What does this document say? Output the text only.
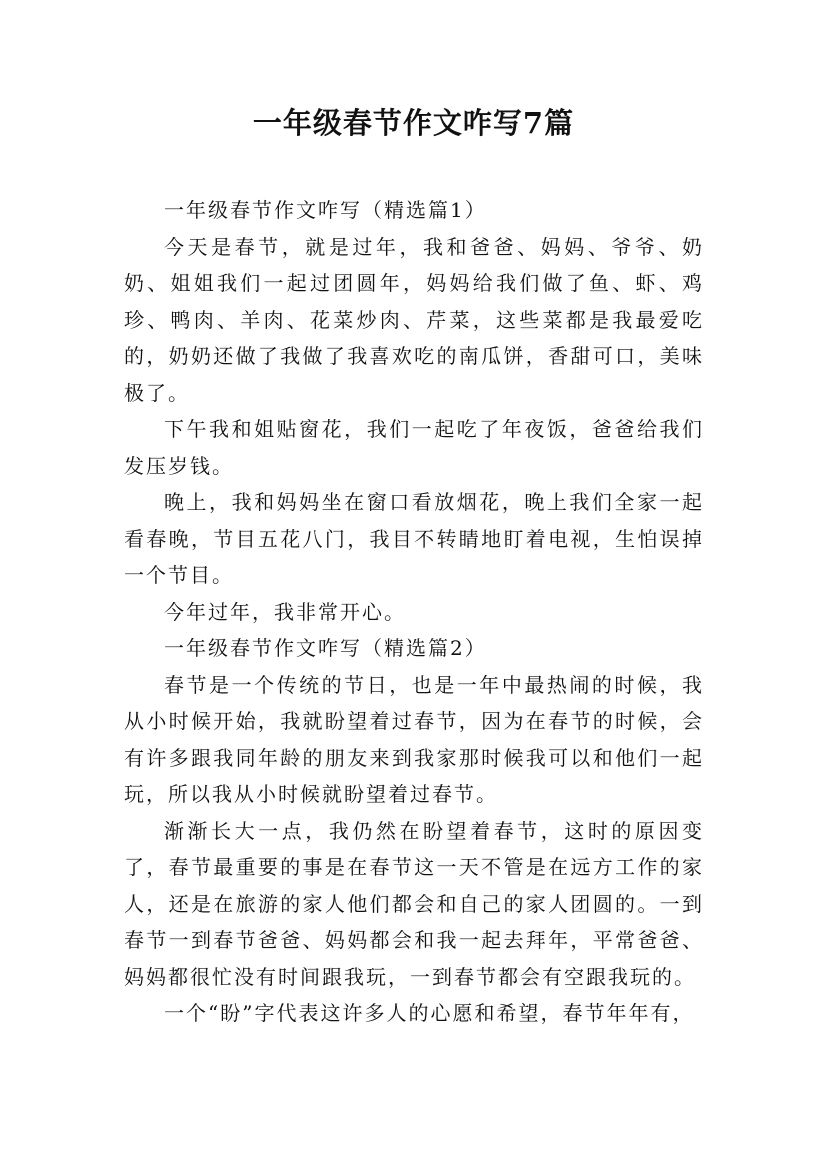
一年级春节作文咋写7篇

一年级春节作文咋写（精选篇1）

今天是春节，就是过年，我和爸爸、妈妈、爷爷、奶奶、姐姐我们一起过团圆年，妈妈给我们做了鱼、虾、鸡珍、鸭肉、羊肉、花菜炒肉、芹菜，这些菜都是我最爱吃的，奶奶还做了我做了我喜欢吃的南瓜饼，香甜可口，美味极了。

下午我和姐贴窗花，我们一起吃了年夜饭，爸爸给我们发压岁钱。

晚上，我和妈妈坐在窗口看放烟花，晚上我们全家一起看春晚，节目五花八门，我目不转睛地盯着电视，生怕误掉一个节目。

今年过年，我非常开心。

一年级春节作文咋写（精选篇2）

春节是一个传统的节日，也是一年中最热闹的时候，我从小时候开始，我就盼望着过春节，因为在春节的时候，会有许多跟我同年龄的朋友来到我家那时候我可以和他们一起玩，所以我从小时候就盼望着过春节。

渐渐长大一点，我仍然在盼望着春节，这时的原因变了，春节最重要的事是在春节这一天不管是在远方工作的家人，还是在旅游的家人他们都会和自己的家人团圆的。一到春节一到春节爸爸、妈妈都会和我一起去拜年，平常爸爸、妈妈都很忙没有时间跟我玩，一到春节都会有空跟我玩的。

一个“盼”字代表这许多人的心愿和希望，春节年年有，
